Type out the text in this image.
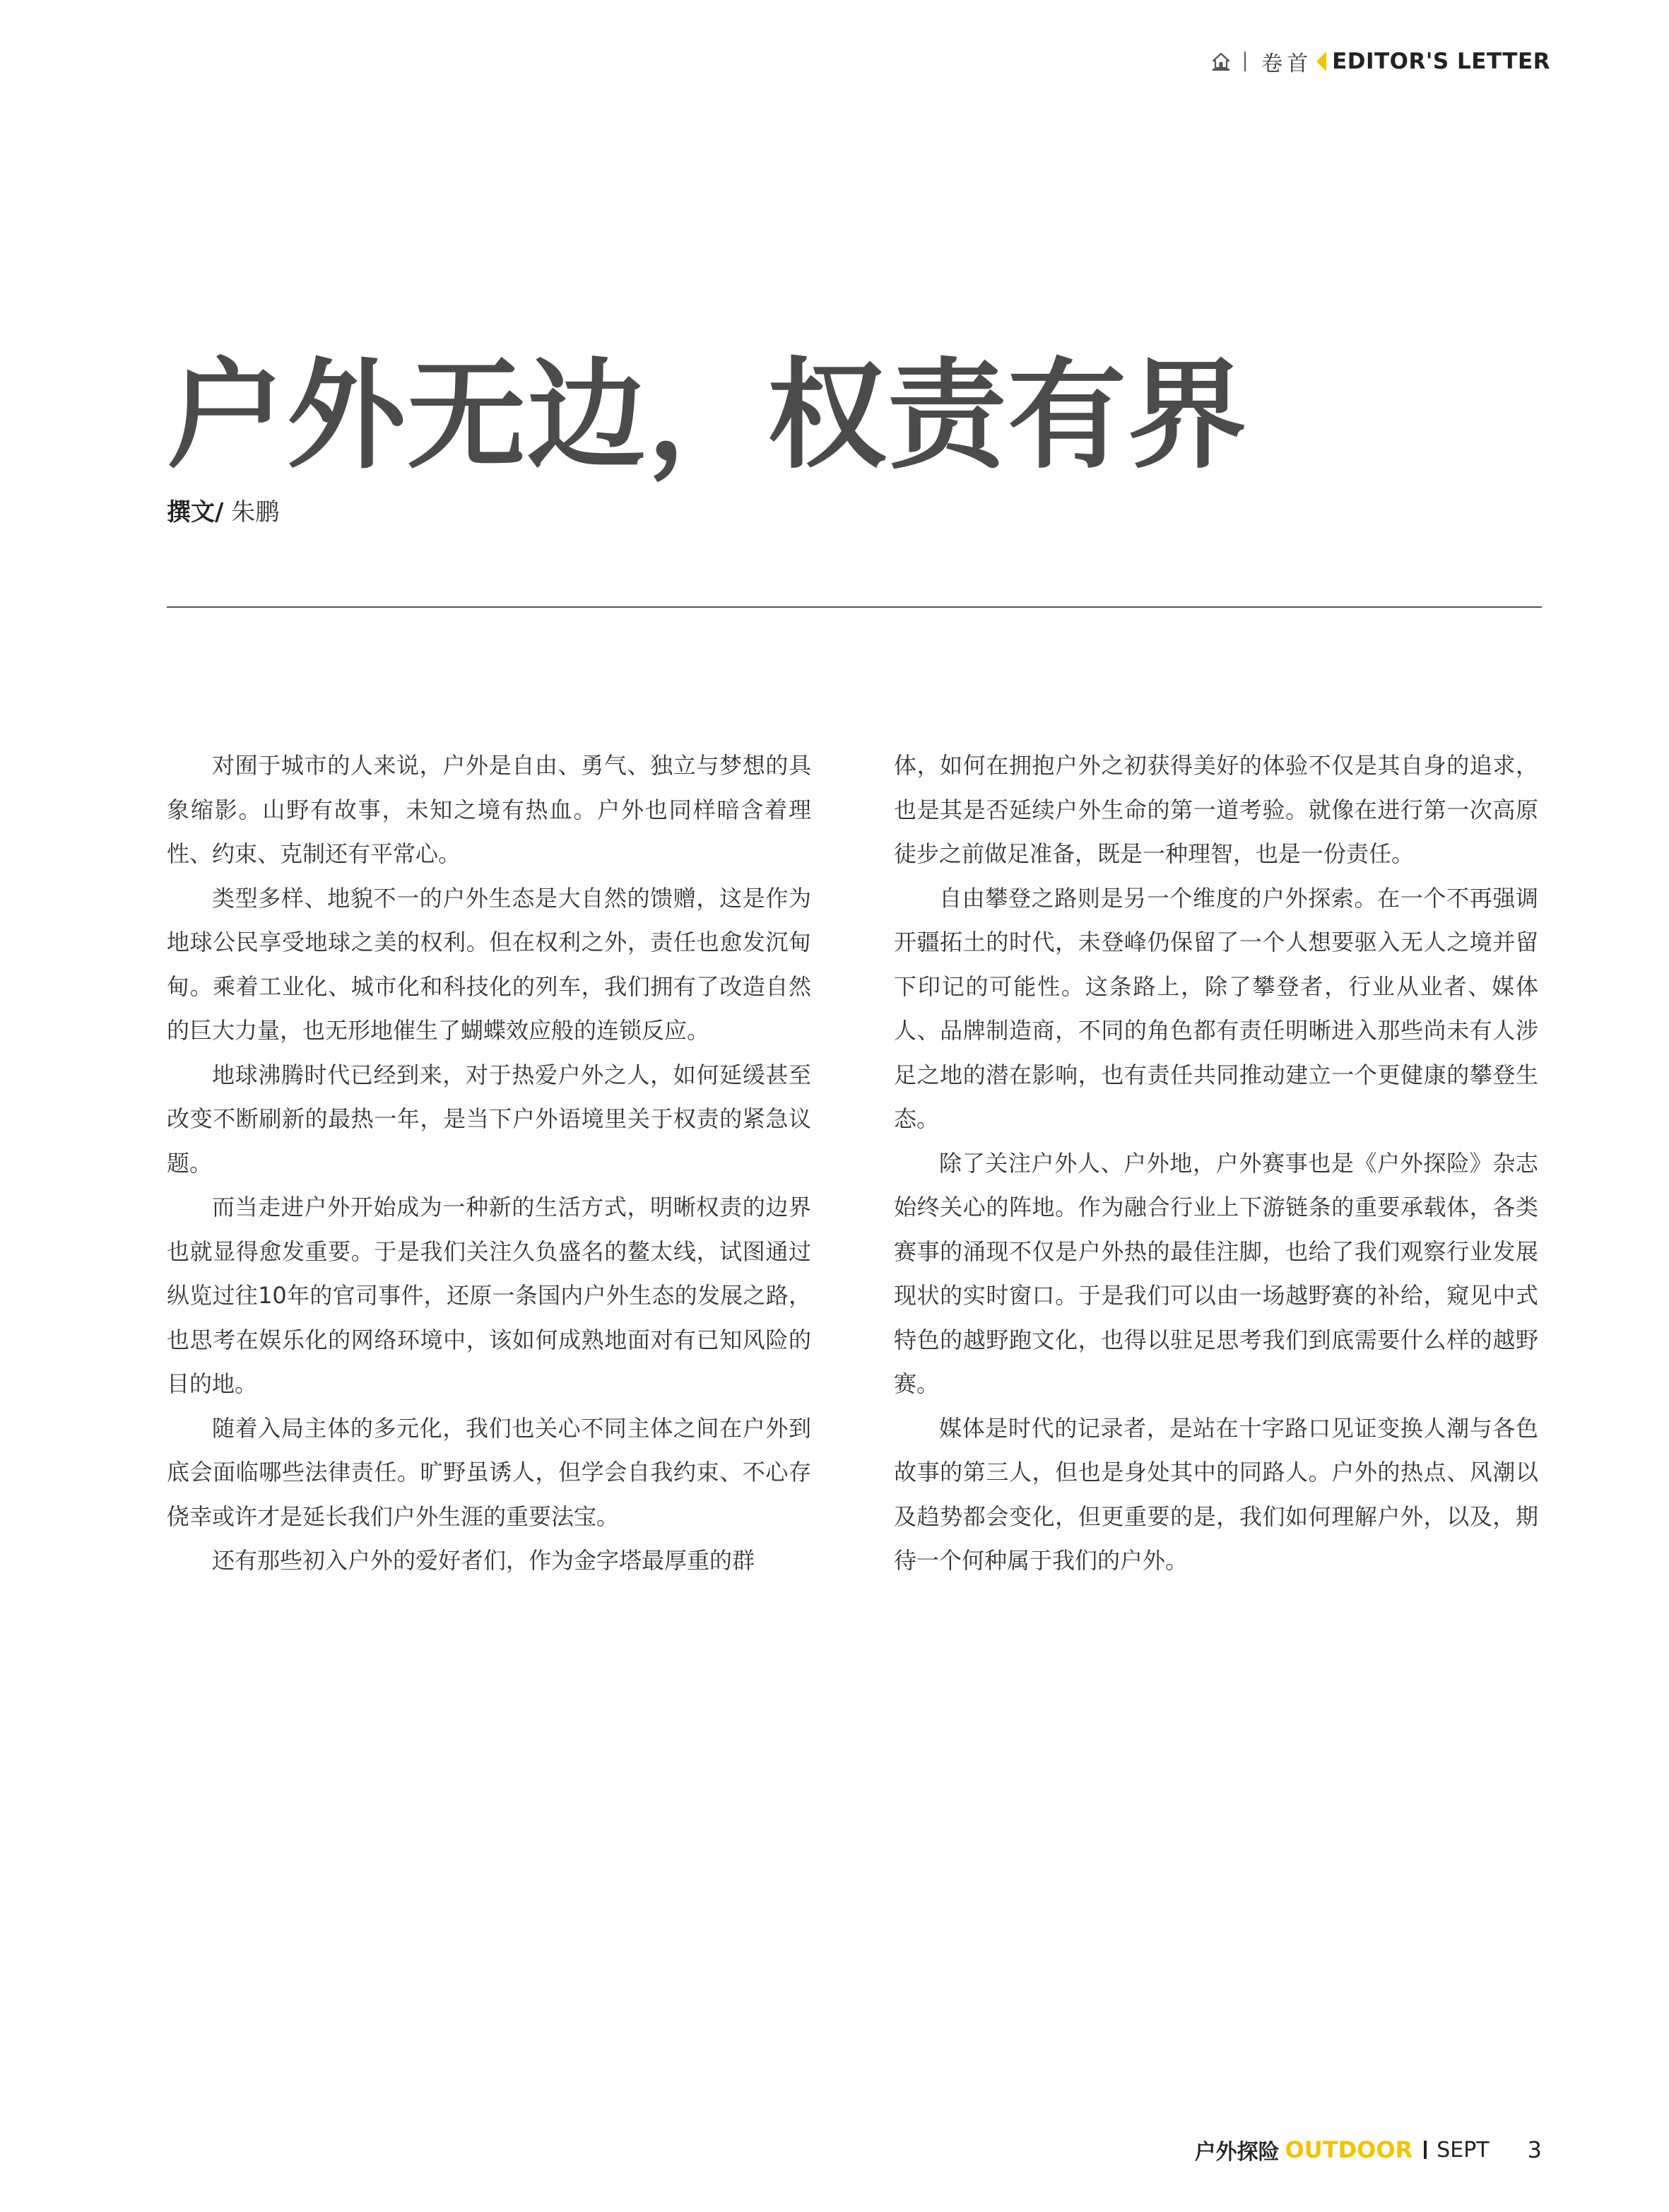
卷首 EDITOR'S LETTER
户外无边，权责有界
撰文/ 朱鹏

对囿于城市的人来说，户外是自由、勇气、独立与梦想的具象缩影。山野有故事，未知之境有热血。户外也同样暗含着理性、约束、克制还有平常心。

类型多样、地貌不一的户外生态是大自然的馈赠，这是作为地球公民享受地球之美的权利。但在权利之外，责任也愈发沉甸甸。乘着工业化、城市化和科技化的列车，我们拥有了改造自然的巨大力量，也无形地催生了蝴蝶效应般的连锁反应。

地球沸腾时代已经到来，对于热爱户外之人，如何延缓甚至改变不断刷新的最热一年，是当下户外语境里关于权责的紧急议题。

而当走进户外开始成为一种新的生活方式，明晰权责的边界也就显得愈发重要。于是我们关注久负盛名的鳌太线，试图通过纵览过往10年的官司事件，还原一条国内户外生态的发展之路，也思考在娱乐化的网络环境中，该如何成熟地面对有已知风险的目的地。

随着入局主体的多元化，我们也关心不同主体之间在户外到底会面临哪些法律责任。旷野虽诱人，但学会自我约束、不心存侥幸或许才是延长我们户外生涯的重要法宝。

还有那些初入户外的爱好者们，作为金字塔最厚重的群

体，如何在拥抱户外之初获得美好的体验不仅是其自身的追求，也是其是否延续户外生命的第一道考验。就像在进行第一次高原徒步之前做足准备，既是一种理智，也是一份责任。

自由攀登之路则是另一个维度的户外探索。在一个不再强调开疆拓土的时代，未登峰仍保留了一个人想要驱入无人之境并留下印记的可能性。这条路上，除了攀登者，行业从业者、媒体人、品牌制造商，不同的角色都有责任明晰进入那些尚未有人涉足之地的潜在影响，也有责任共同推动建立一个更健康的攀登生态。

除了关注户外人、户外地，户外赛事也是《户外探险》杂志始终关心的阵地。作为融合行业上下游链条的重要承载体，各类赛事的涌现不仅是户外热的最佳注脚，也给了我们观察行业发展现状的实时窗口。于是我们可以由一场越野赛的补给，窥见中式特色的越野跑文化，也得以驻足思考我们到底需要什么样的越野赛。

媒体是时代的记录者，是站在十字路口见证变换人潮与各色故事的第三人，但也是身处其中的同路人。户外的热点、风潮以及趋势都会变化，但更重要的是，我们如何理解户外，以及，期待一个何种属于我们的户外。

户外探险 OUTDOOR SEPT 3
